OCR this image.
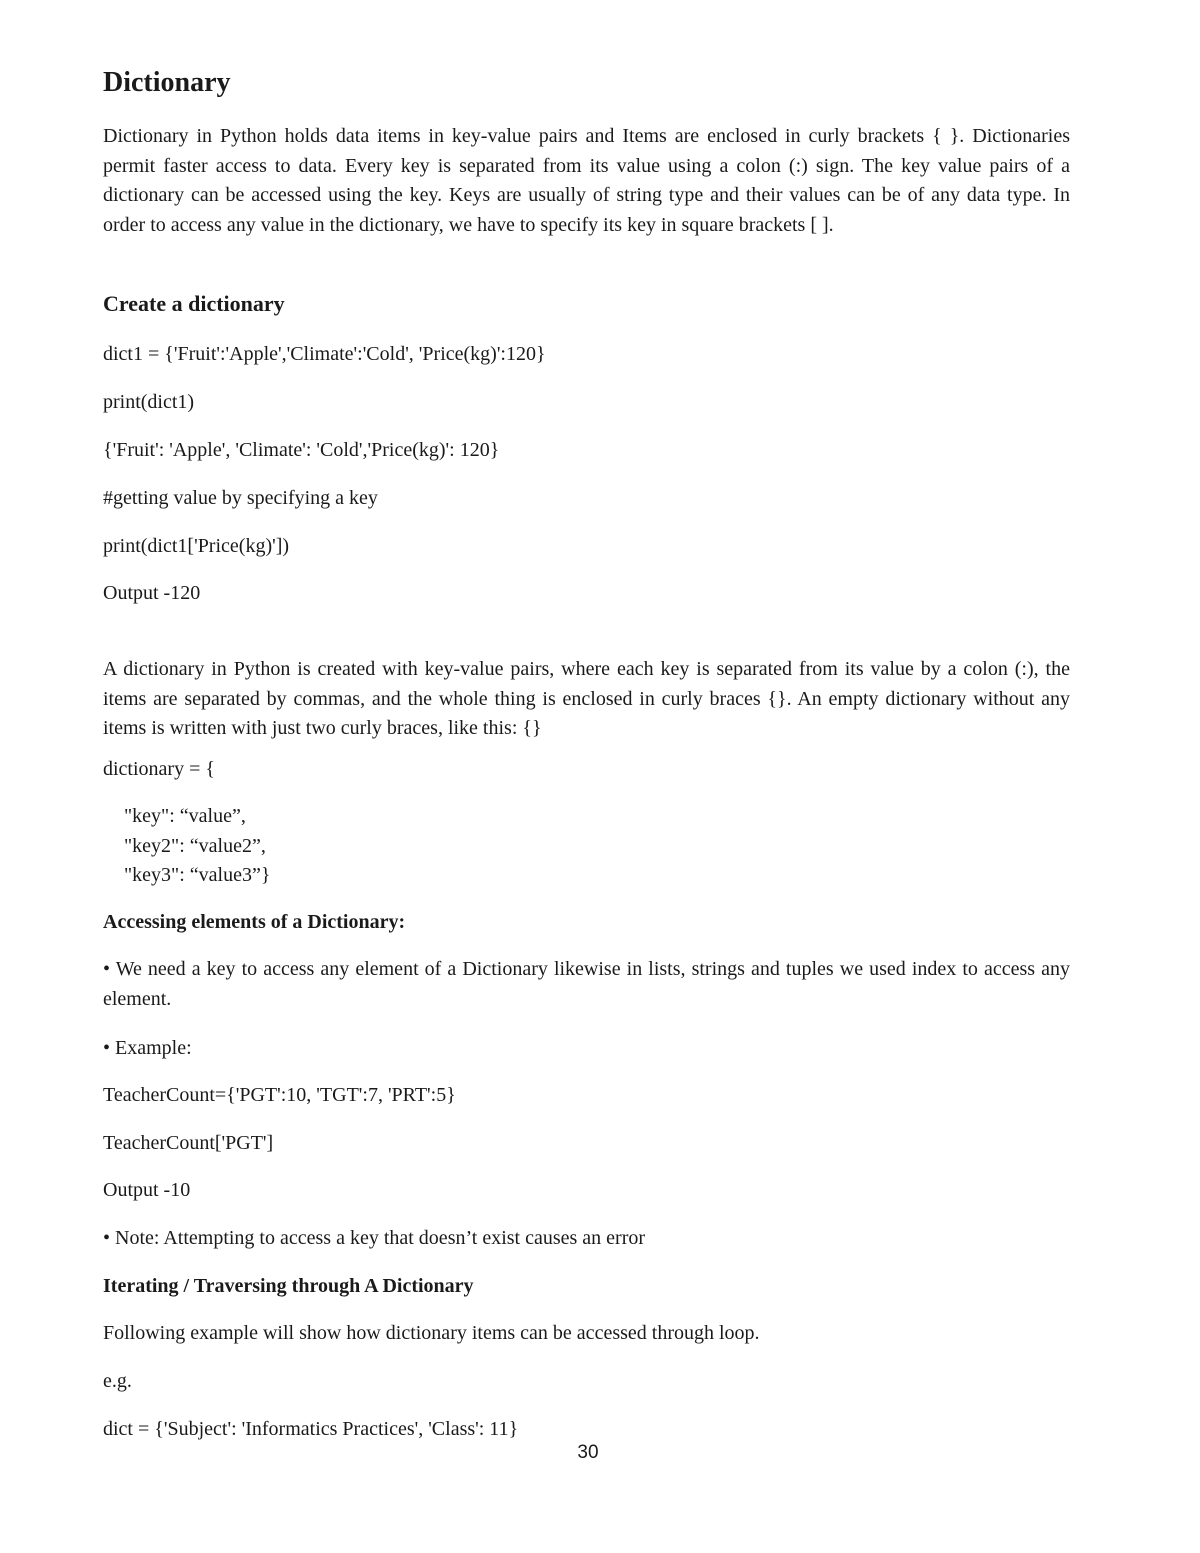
Dictionary

Dictionary in Python holds data items in key-value pairs and Items are enclosed in curly brackets { }. Dictionaries permit faster access to data. Every key is separated from its value using a colon (:) sign. The key value pairs of a dictionary can be accessed using the key. Keys are usually of string type and their values can be of any data type. In order to access any value in the dictionary, we have to specify its key in square brackets [ ].

Create a dictionary
dict1 = {'Fruit':'Apple','Climate':'Cold', 'Price(kg)':120}
print(dict1)
{'Fruit': 'Apple', 'Climate': 'Cold','Price(kg)': 120}
#getting value by specifying a key
print(dict1['Price(kg)'])
Output -120

A dictionary in Python is created with key-value pairs, where each key is separated from its value by a colon (:), the items are separated by commas, and the whole thing is enclosed in curly braces {}. An empty dictionary without any items is written with just two curly braces, like this: {}

dictionary = {
"key": “value”,
"key2": “value2”,
"key3": “value3”}
Accessing elements of a Dictionary:

• We need a key to access any element of a Dictionary likewise in lists, strings and tuples we used index to access any element.

• Example:
TeacherCount={'PGT':10, 'TGT':7, 'PRT':5}
TeacherCount['PGT']
Output -10
• Note: Attempting to access a key that doesn’t exist causes an error
Iterating / Traversing through A Dictionary
Following example will show how dictionary items can be accessed through loop.
e.g.
dict = {'Subject': 'Informatics Practices', 'Class': 11}
30
